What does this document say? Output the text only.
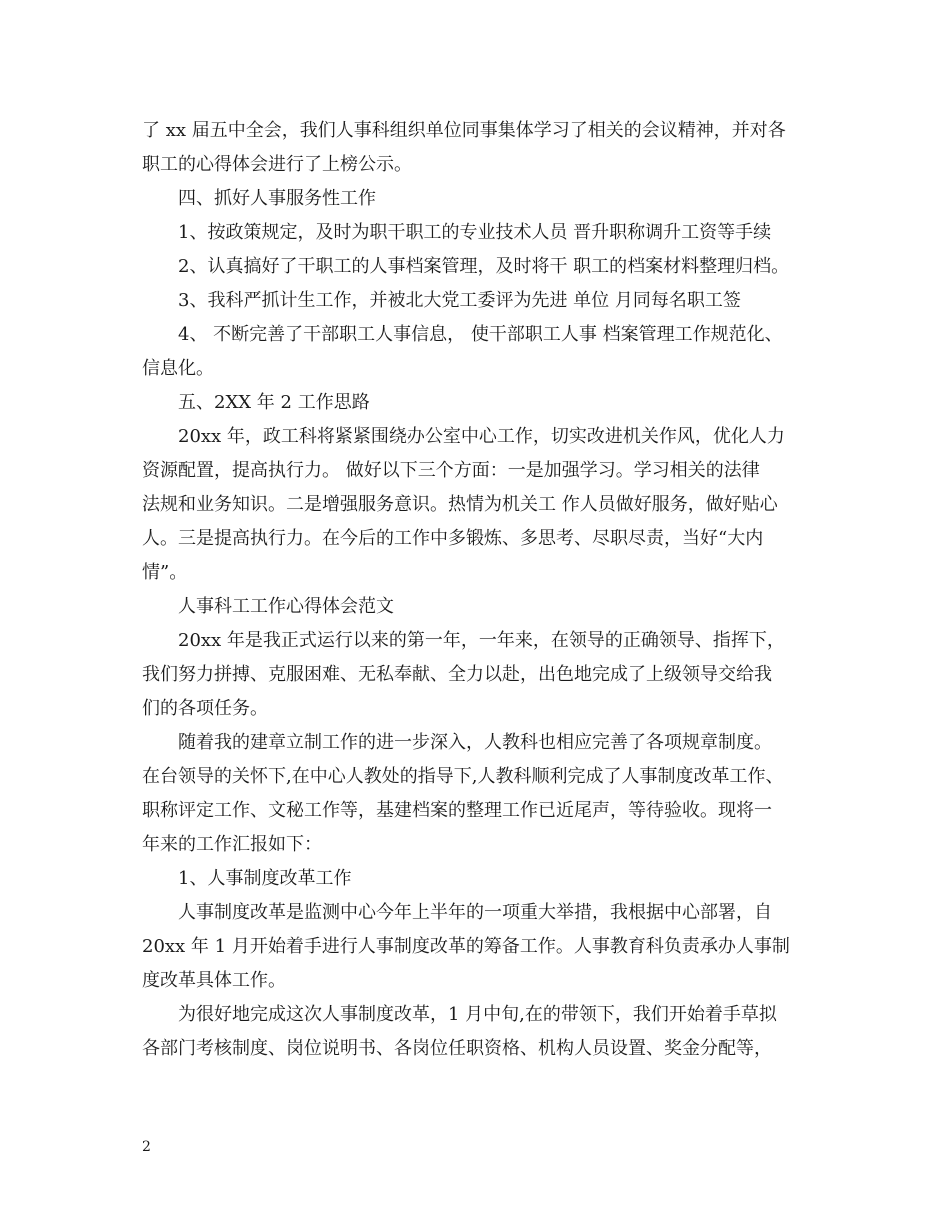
了 xx 届五中全会，我们人事科组织单位同事集体学习了相关的会议精神，并对各
职工的心得体会进行了上榜公示。
四、抓好人事服务性工作
1、按政策规定，及时为职干职工的专业技术人员 晋升职称调升工资等手续
2、认真搞好了干职工的人事档案管理，及时将干 职工的档案材料整理归档。
3、我科严抓计生工作，并被北大党工委评为先进 单位 月同每名职工签
4、 不断完善了干部职工人事信息， 使干部职工人事 档案管理工作规范化、
信息化。
五、2XX 年 2 工作思路
20xx 年，政工科将紧紧围绕办公室中心工作，切实改进机关作风，优化人力
资源配置，提高执行力。 做好以下三个方面：一是加强学习。学习相关的法律
法规和业务知识。二是增强服务意识。热情为机关工 作人员做好服务，做好贴心
人。三是提高执行力。在今后的工作中多锻炼、多思考、尽职尽责，当好“大内
情”。
人事科工工作心得体会范文
20xx 年是我正式运行以来的第一年，一年来，在领导的正确领导、指挥下，
我们努力拼搏、克服困难、无私奉献、全力以赴，出色地完成了上级领导交给我
们的各项任务。
随着我的建章立制工作的进一步深入，人教科也相应完善了各项规章制度。
在台领导的关怀下,在中心人教处的指导下,人教科顺利完成了人事制度改革工作、
职称评定工作、文秘工作等，基建档案的整理工作已近尾声，等待验收。现将一
年来的工作汇报如下：
1、人事制度改革工作
人事制度改革是监测中心今年上半年的一项重大举措，我根据中心部署，自
20xx 年 1 月开始着手进行人事制度改革的筹备工作。人事教育科负责承办人事制
度改革具体工作。
为很好地完成这次人事制度改革，1 月中旬,在的带领下，我们开始着手草拟
各部门考核制度、岗位说明书、各岗位任职资格、机构人员设置、奖金分配等，
2
